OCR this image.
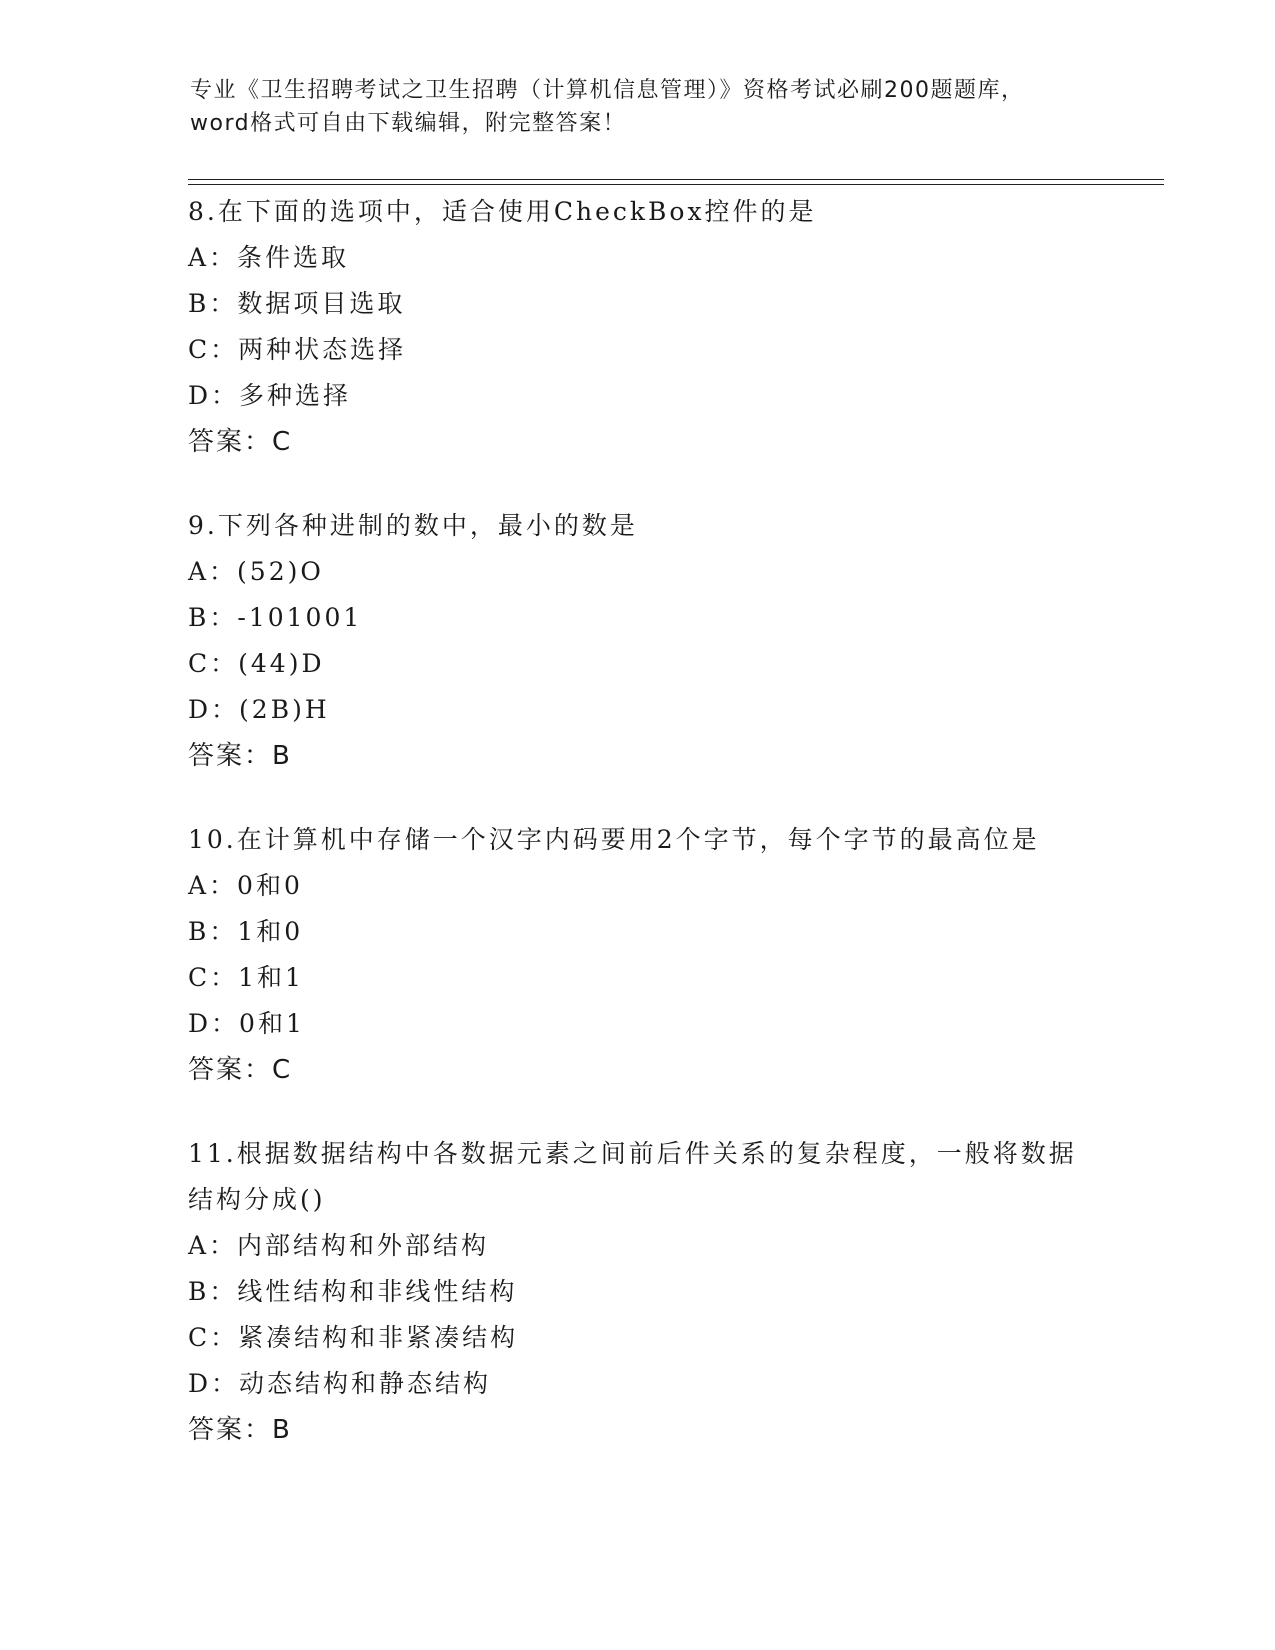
专业《卫生招聘考试之卫生招聘（计算机信息管理）》资格考试必刷200题题库，
word格式可自由下载编辑，附完整答案！

8.在下面的选项中，适合使用CheckBox控件的是

A：条件选取

B：数据项目选取

C：两种状态选择

D：多种选择

答案：C

9.下列各种进制的数中，最小的数是

A：(52)O

B：-101001

C：(44)D

D：(2B)H

答案：B

10.在计算机中存储一个汉字内码要用2个字节，每个字节的最高位是

A：0和0

B：1和0

C：1和1

D：0和1

答案：C

11.根据数据结构中各数据元素之间前后件关系的复杂程度，一般将数据结构分成()

A：内部结构和外部结构

B：线性结构和非线性结构

C：紧凑结构和非紧凑结构

D：动态结构和静态结构

答案：B
